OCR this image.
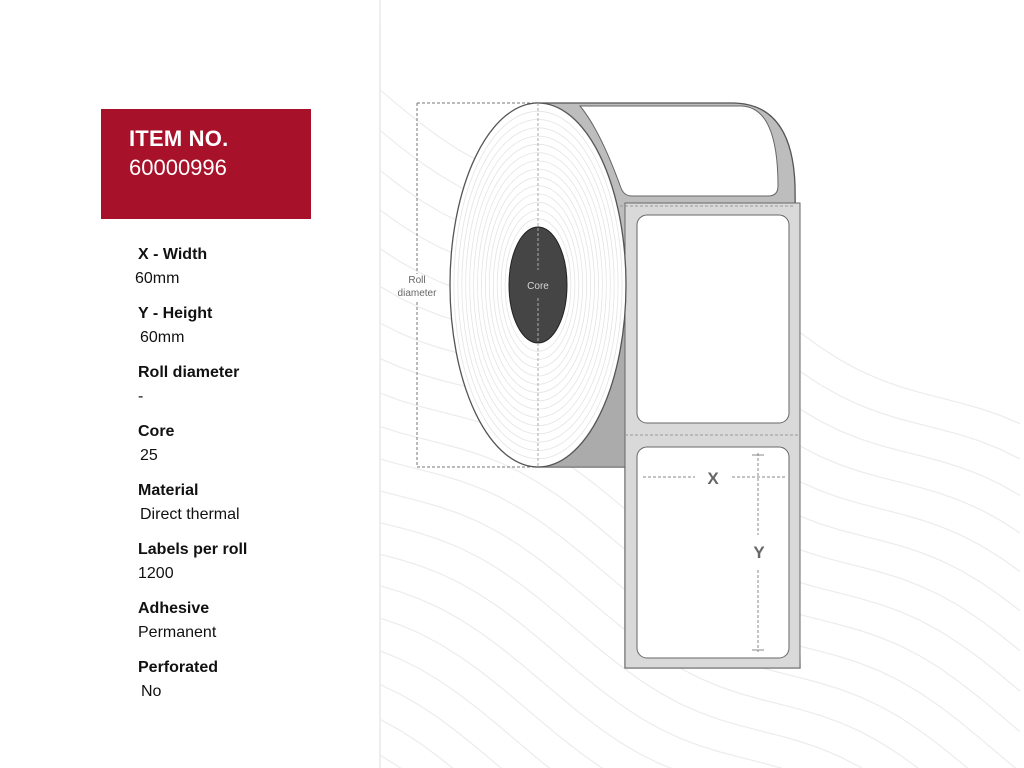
ITEM NO.
60000996
X - Width
60mm
Y - Height
60mm
Roll diameter
-
Core
25
Material
Direct thermal
Labels per roll
1200
Adhesive
Permanent
Perforated
No
Roll
diameter
X
Y
Core
